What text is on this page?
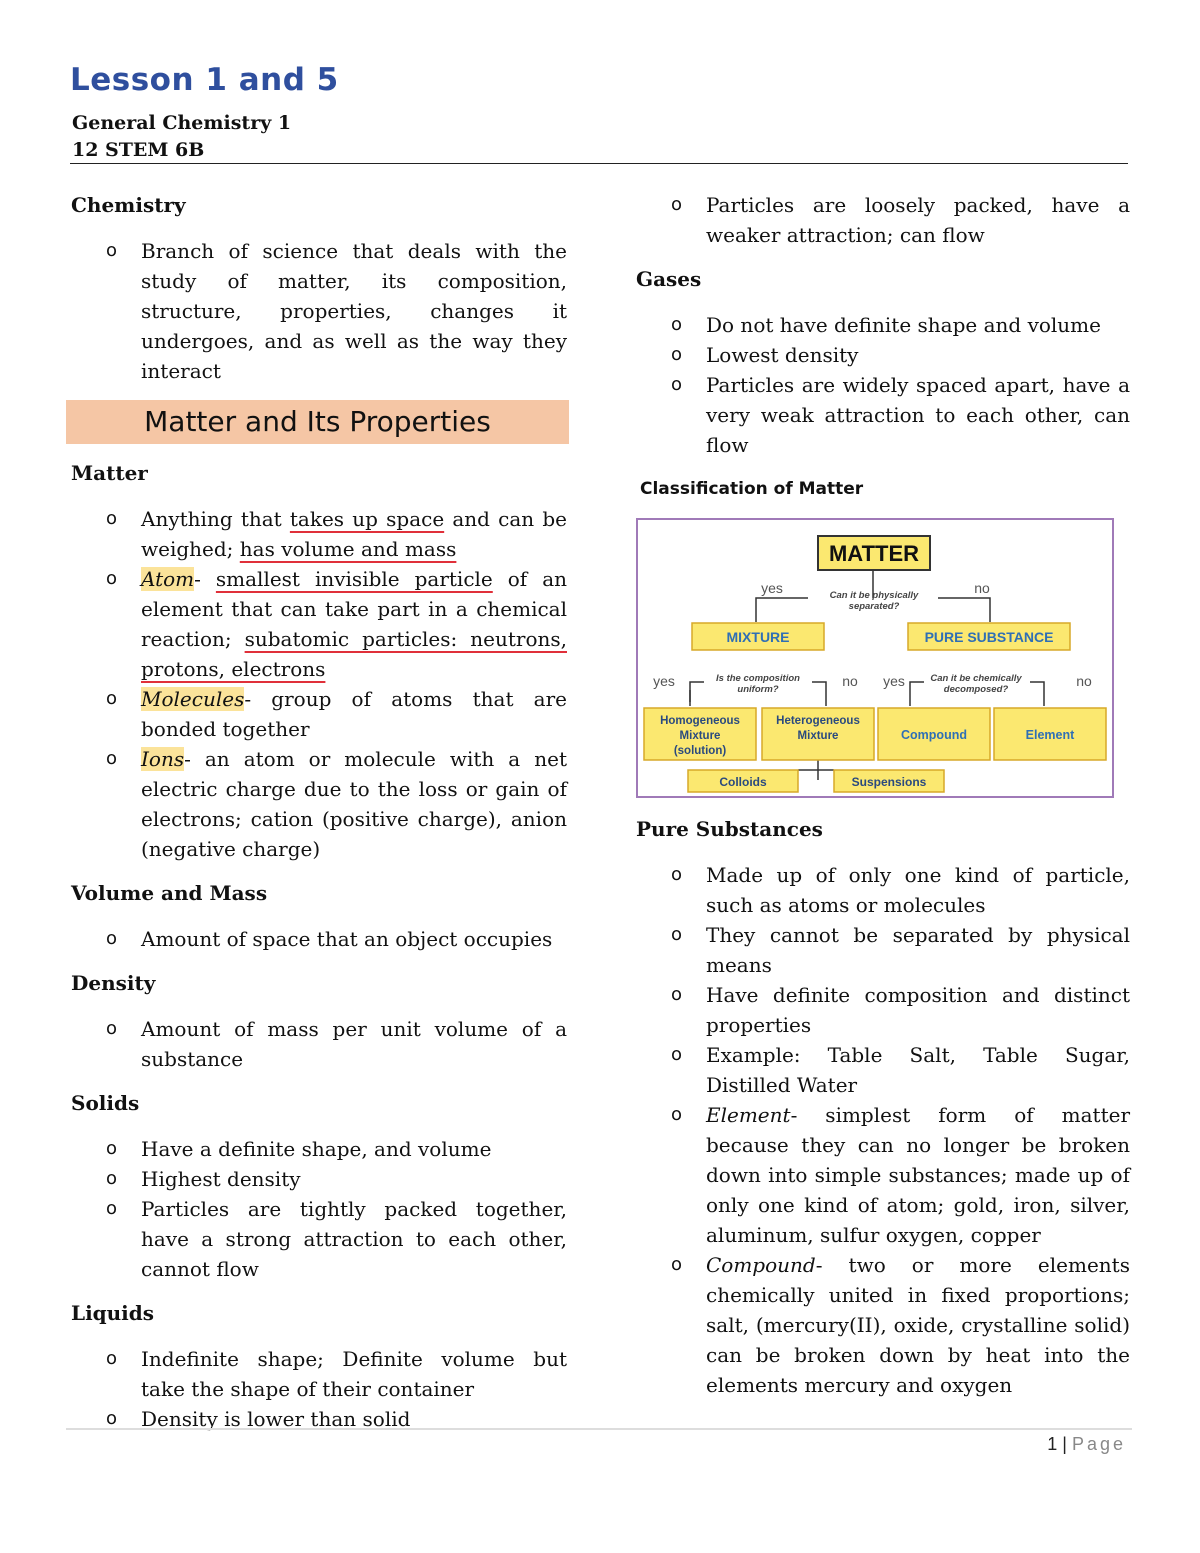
Lesson 1 and 5
General Chemistry 1
12 STEM 6B
Chemistry
o Branch of science that deals with the study of matter, its composition, structure, properties, changes it undergoes, and as well as the way they interact
Matter and Its Properties
Matter
o Anything that takes up space and can be weighed; has volume and mass
o Atom- smallest invisible particle of an element that can take part in a chemical reaction; subatomic particles: neutrons, protons, electrons
o Molecules- group of atoms that are bonded together
o Ions- an atom or molecule with a net electric charge due to the loss or gain of electrons; cation (positive charge), anion (negative charge)
Volume and Mass
o Amount of space that an object occupies
Density
o Amount of mass per unit volume of a substance
Solids
o Have a definite shape, and volume
o Highest density
o Particles are tightly packed together, have a strong attraction to each other, cannot flow
Liquids
o Indefinite shape; Definite volume but take the shape of their container
o Density is lower than solid
o Particles are loosely packed, have a weaker attraction; can flow
Gases
o Do not have definite shape and volume
o Lowest density
o Particles are widely spaced apart, have a very weak attraction to each other, can flow
Classification of Matter
MATTER
Can it be physically
separated?
yes	no
MIXTURE	PURE SUBSTANCE
Is the composition
uniform?
yes	no	Can it be chemically
decomposed?
yes	no
Homogeneous
Mixture
(solution)
Heterogeneous
Mixture	Compound	Element
Colloids	Suspensions
Pure Substances
o Made up of only one kind of particle, such as atoms or molecules
o They cannot be separated by physical means
o Have definite composition and distinct properties
o Example: Table Salt, Table Sugar, Distilled Water
o Element- simplest form of matter because they can no longer be broken down into simple substances; made up of only one kind of atom; gold, iron, silver, aluminum, sulfur oxygen, copper
o Compound- two or more elements chemically united in fixed proportions; salt, (mercury(II), oxide, crystalline solid) can be broken down by heat into the elements mercury and oxygen
1 | Page
